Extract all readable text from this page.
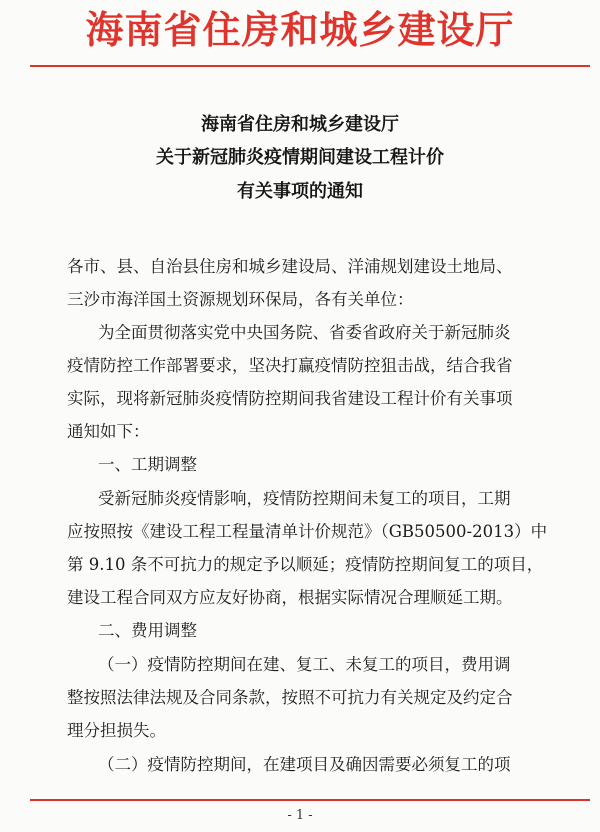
海南省住房和城乡建设厅
海南省住房和城乡建设厅
关于新冠肺炎疫情期间建设工程计价
有关事项的通知
各市、县、自治县住房和城乡建设局、洋浦规划建设土地局、
三沙市海洋国土资源规划环保局，各有关单位：
为全面贯彻落实党中央国务院、省委省政府关于新冠肺炎
疫情防控工作部署要求，坚决打赢疫情防控狙击战，结合我省
实际，现将新冠肺炎疫情防控期间我省建设工程计价有关事项
通知如下：
一、工期调整
受新冠肺炎疫情影响，疫情防控期间未复工的项目，工期
应按照按《建设工程工程量清单计价规范》（GB50500-2013）中
第 9.10 条不可抗力的规定予以顺延；疫情防控期间复工的项目，
建设工程合同双方应友好协商，根据实际情况合理顺延工期。
二、费用调整
（一）疫情防控期间在建、复工、未复工的项目，费用调
整按照法律法规及合同条款，按照不可抗力有关规定及约定合
理分担损失。
（二）疫情防控期间，在建项目及确因需要必须复工的项
- 1 -
